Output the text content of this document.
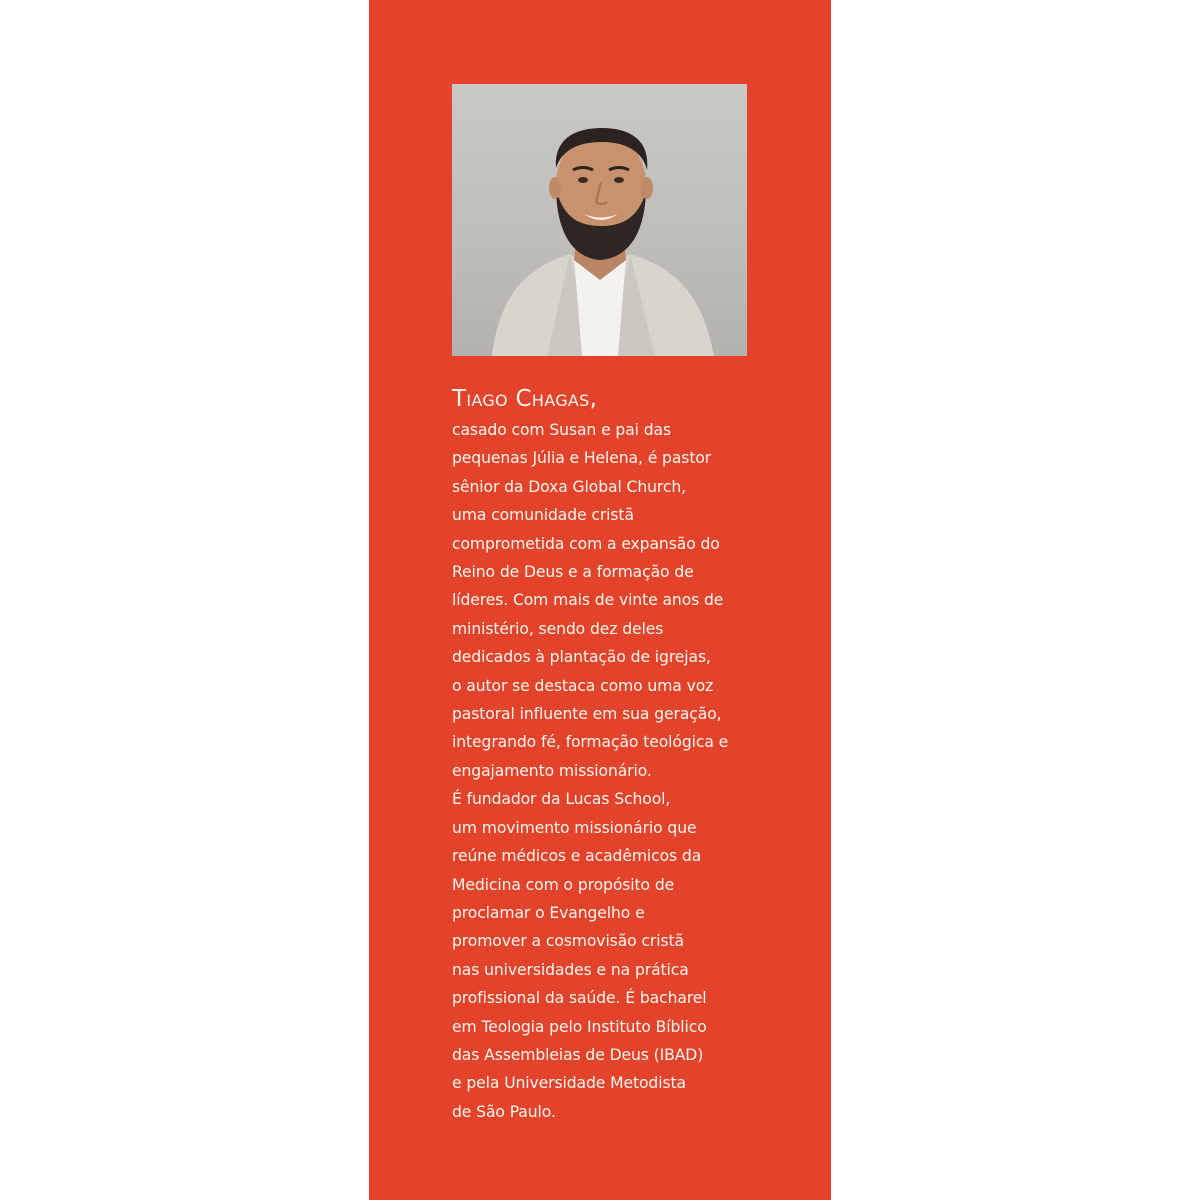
Tiago Chagas,

casado com Susan e pai das
pequenas Júlia e Helena, é pastor
sênior da Doxa Global Church,
uma comunidade cristã
comprometida com a expansão do
Reino de Deus e a formação de
líderes. Com mais de vinte anos de
ministério, sendo dez deles
dedicados à plantação de igrejas,
o autor se destaca como uma voz
pastoral influente em sua geração,
integrando fé, formação teológica e
engajamento missionário.
É fundador da Lucas School,
um movimento missionário que
reúne médicos e acadêmicos da
Medicina com o propósito de
proclamar o Evangelho e
promover a cosmovisão cristã
nas universidades e na prática
profissional da saúde. É bacharel
em Teologia pelo Instituto Bíblico
das Assembleias de Deus (IBAD)
e pela Universidade Metodista
de São Paulo.
